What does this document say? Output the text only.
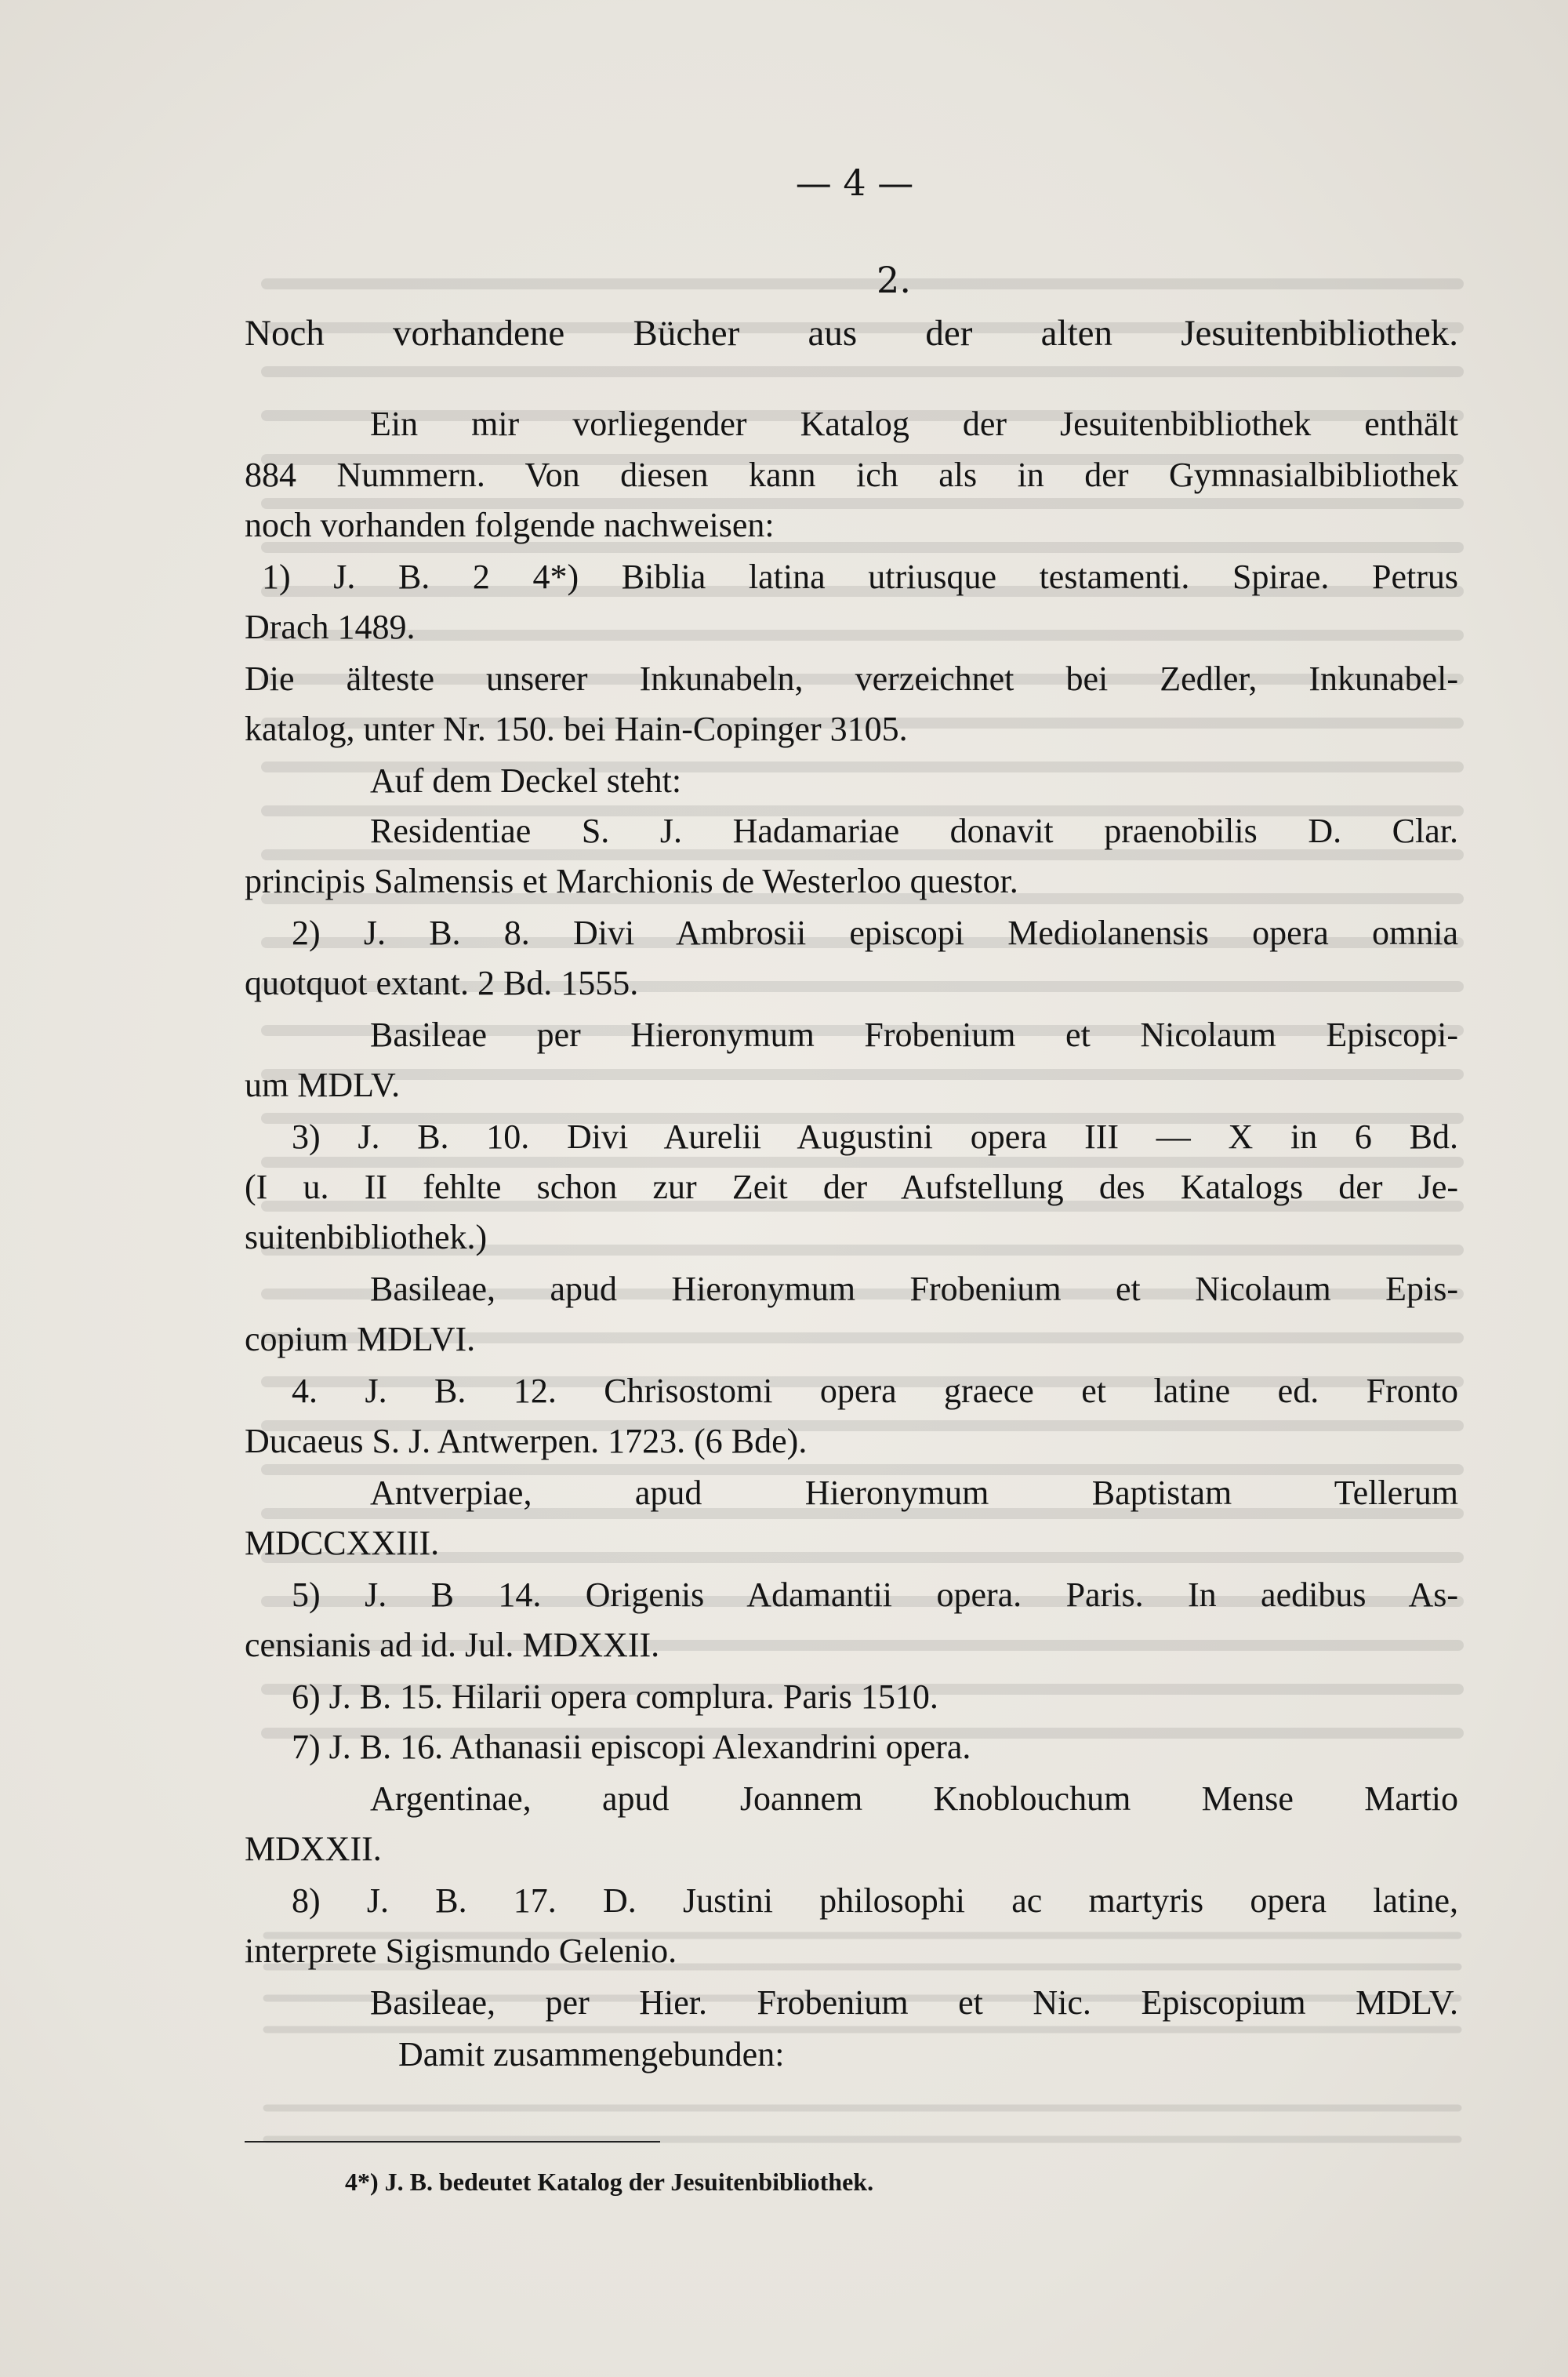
— 4 —
2.
Noch vorhandene Bücher aus der alten Jesuitenbibliothek.
Ein mir vorliegender Katalog der Jesuitenbibliothek enthält
884 Nummern. Von diesen kann ich als in der Gymnasialbibliothek
noch vorhanden folgende nachweisen:
1) J. B. 2 4*) Biblia latina utriusque testamenti. Spirae. Petrus
Drach 1489.
Die älteste unserer Inkunabeln, verzeichnet bei Zedler, Inkunabel-
katalog, unter Nr. 150. bei Hain-Copinger 3105.
Auf dem Deckel steht:
Residentiae S. J. Hadamariae donavit praenobilis D. Clar.
principis Salmensis et Marchionis de Westerloo questor.
2) J. B. 8. Divi Ambrosii episcopi Mediolanensis opera omnia
quotquot extant. 2 Bd. 1555.
Basileae per Hieronymum Frobenium et Nicolaum Episcopi-
um MDLV.
3) J. B. 10. Divi Aurelii Augustini opera III — X in 6 Bd.
(I u. II fehlte schon zur Zeit der Aufstellung des Katalogs der Je-
suitenbibliothek.)
Basileae, apud Hieronymum Frobenium et Nicolaum Epis-
copium MDLVI.
4. J. B. 12. Chrisostomi opera graece et latine ed. Fronto
Ducaeus S. J. Antwerpen. 1723. (6 Bde).
Antverpiae, apud Hieronymum Baptistam Tellerum
MDCCXXIII.
5) J. B 14. Origenis Adamantii opera. Paris. In aedibus As-
censianis ad id. Jul. MDXXII.
6) J. B. 15. Hilarii opera complura. Paris 1510.
7) J. B. 16. Athanasii episcopi Alexandrini opera.
Argentinae, apud Joannem Knoblouchum Mense Martio
MDXXII.
8) J. B. 17. D. Justini philosophi ac martyris opera latine,
interprete Sigismundo Gelenio.
Basileae, per Hier. Frobenium et Nic. Episcopium MDLV.
Damit zusammengebunden:
4*) J. B. bedeutet Katalog der Jesuitenbibliothek.
